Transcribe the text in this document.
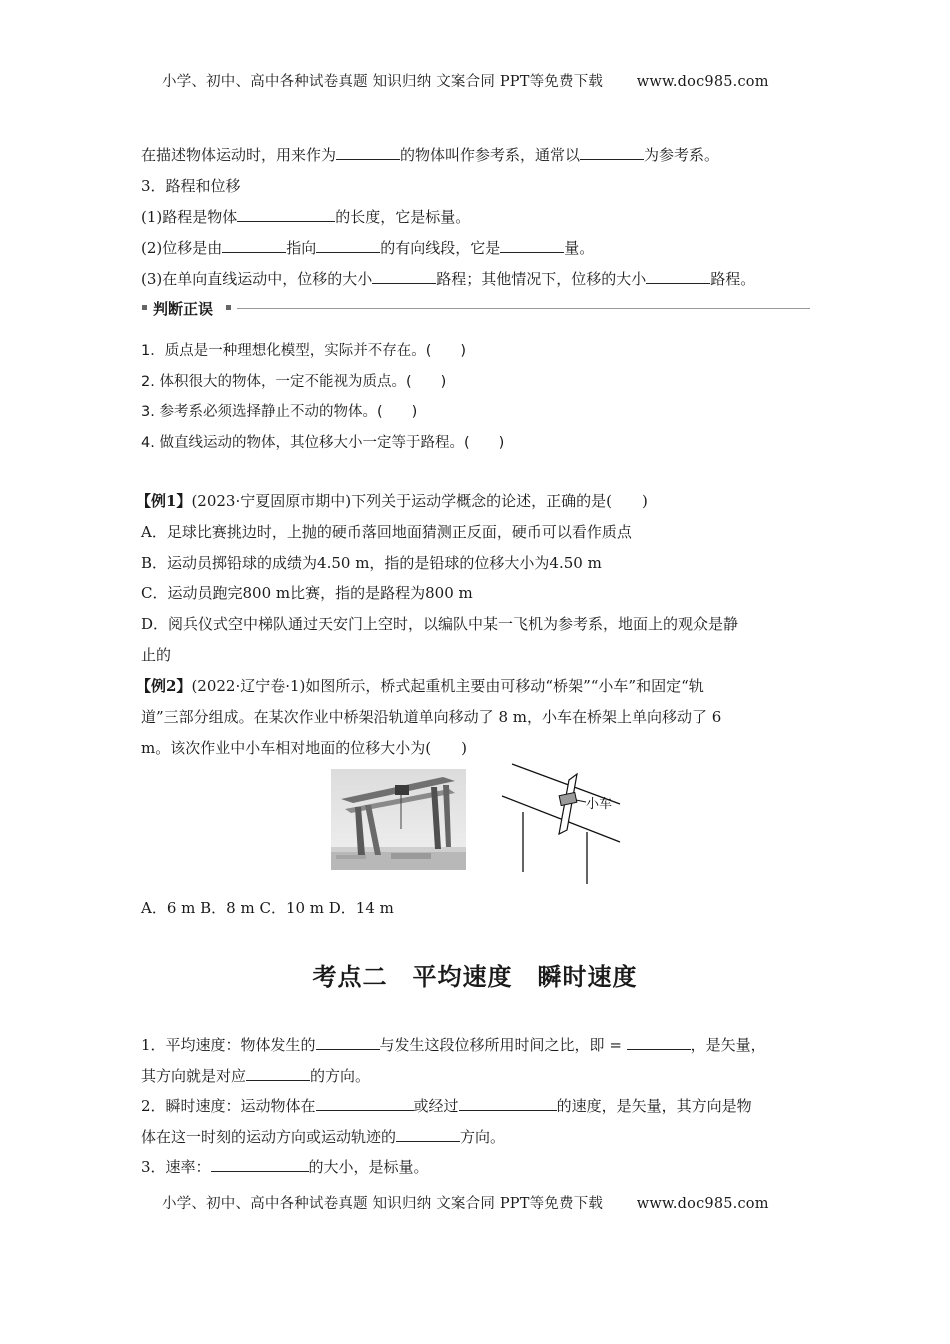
小学、初中、高中各种试卷真题 知识归纳 文案合同 PPT等免费下载 www.doc985.com
在描述物体运动时，用来作为	的物体叫作参考系，通常以	为参考系。
3．路程和位移
(1)路程是物体	的长度，它是标量。
(2)位移是由	指向	的有向线段，它是	量。
(3)在单向直线运动中，位移的大小	路程；其他情况下，位移的大小	路程。
判断正误
1．质点是一种理想化模型，实际并不存在。(　　)
2. 体积很大的物体，一定不能视为质点。(　　)
3. 参考系必须选择静止不动的物体。(　　)
4. 做直线运动的物体，其位移大小一定等于路程。(　　)
【例1】(2023·宁夏固原市期中)下列关于运动学概念的论述，正确的是(　　)
A．足球比赛挑边时，上抛的硬币落回地面猜测正反面，硬币可以看作质点
B．运动员掷铅球的成绩为4.50 m，指的是铅球的位移大小为4.50 m
C．运动员跑完800 m比赛，指的是路程为800 m
D．阅兵仪式空中梯队通过天安门上空时，以编队中某一飞机为参考系，地面上的观众是静
止的
【例2】(2022·辽宁卷·1)如图所示，桥式起重机主要由可移动“桥架”“小车”和固定“轨
道”三部分组成。在某次作业中桥架沿轨道单向移动了 8 m，小车在桥架上单向移动了 6
m。该次作业中小车相对地面的位移大小为(　　)
小车
A．6 m B．8 m C．10 m D．14 m
考点二　平均速度　瞬时速度
1．平均速度：物体发生的	与发生这段位移所用时间之比，即 =	，是矢量，
其方向就是对应	的方向。
2．瞬时速度：运动物体在	或经过	的速度，是矢量，其方向是物
体在这一时刻的运动方向或运动轨迹的	方向。
3．速率：	的大小，是标量。
小学、初中、高中各种试卷真题 知识归纳 文案合同 PPT等免费下载 www.doc985.com
